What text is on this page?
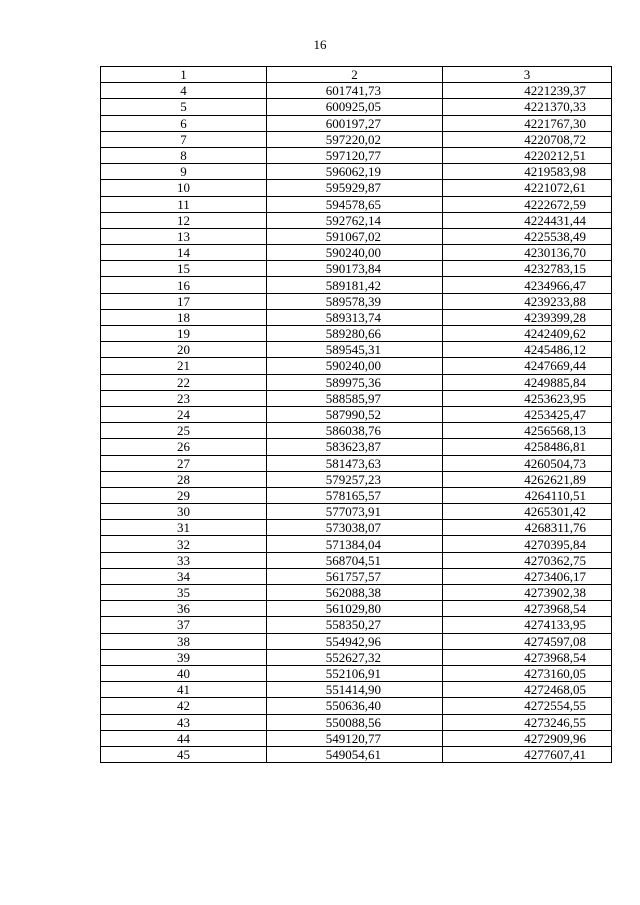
16
1	2	3
4	601741,73	4221239,37
5	600925,05	4221370,33
6	600197,27	4221767,30
7	597220,02	4220708,72
8	597120,77	4220212,51
9	596062,19	4219583,98
10	595929,87	4221072,61
11	594578,65	4222672,59
12	592762,14	4224431,44
13	591067,02	4225538,49
14	590240,00	4230136,70
15	590173,84	4232783,15
16	589181,42	4234966,47
17	589578,39	4239233,88
18	589313,74	4239399,28
19	589280,66	4242409,62
20	589545,31	4245486,12
21	590240,00	4247669,44
22	589975,36	4249885,84
23	588585,97	4253623,95
24	587990,52	4253425,47
25	586038,76	4256568,13
26	583623,87	4258486,81
27	581473,63	4260504,73
28	579257,23	4262621,89
29	578165,57	4264110,51
30	577073,91	4265301,42
31	573038,07	4268311,76
32	571384,04	4270395,84
33	568704,51	4270362,75
34	561757,57	4273406,17
35	562088,38	4273902,38
36	561029,80	4273968,54
37	558350,27	4274133,95
38	554942,96	4274597,08
39	552627,32	4273968,54
40	552106,91	4273160,05
41	551414,90	4272468,05
42	550636,40	4272554,55
43	550088,56	4273246,55
44	549120,77	4272909,96
45	549054,61	4277607,41
